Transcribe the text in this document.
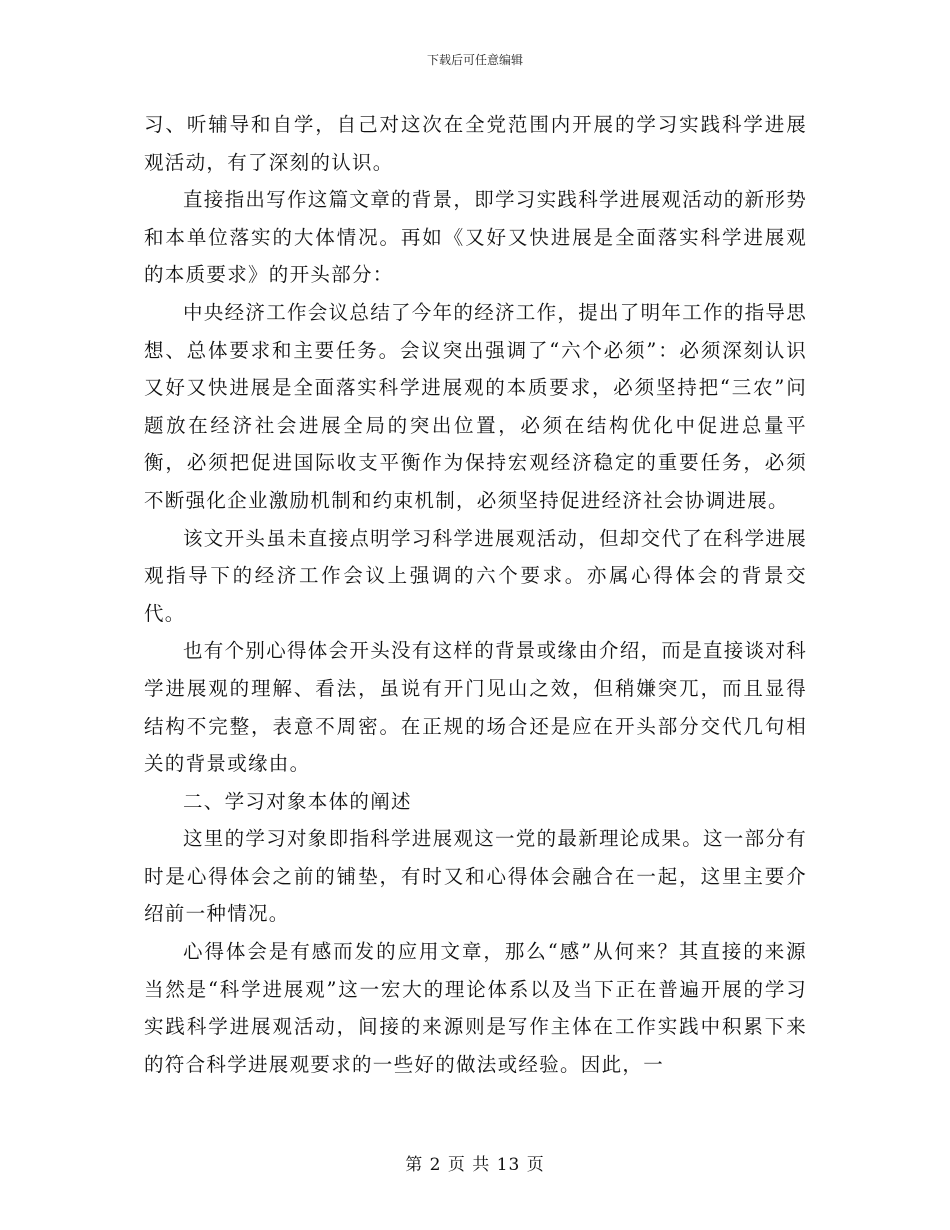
下载后可任意编辑

习、听辅导和自学，自己对这次在全党范围内开展的学习实践科学进展观活动，有了深刻的认识。

直接指出写作这篇文章的背景，即学习实践科学进展观活动的新形势和本单位落实的大体情况。再如《又好又快进展是全面落实科学进展观的本质要求》的开头部分：

中央经济工作会议总结了今年的经济工作，提出了明年工作的指导思想、总体要求和主要任务。会议突出强调了“六个必须”：必须深刻认识又好又快进展是全面落实科学进展观的本质要求，必须坚持把“三农”问题放在经济社会进展全局的突出位置，必须在结构优化中促进总量平衡，必须把促进国际收支平衡作为保持宏观经济稳定的重要任务，必须不断强化企业激励机制和约束机制，必须坚持促进经济社会协调进展。

该文开头虽未直接点明学习科学进展观活动，但却交代了在科学进展观指导下的经济工作会议上强调的六个要求。亦属心得体会的背景交代。

也有个别心得体会开头没有这样的背景或缘由介绍，而是直接谈对科学进展观的理解、看法，虽说有开门见山之效，但稍嫌突兀，而且显得结构不完整，表意不周密。在正规的场合还是应在开头部分交代几句相关的背景或缘由。

二、学习对象本体的阐述

这里的学习对象即指科学进展观这一党的最新理论成果。这一部分有时是心得体会之前的铺垫，有时又和心得体会融合在一起，这里主要介绍前一种情况。

心得体会是有感而发的应用文章，那么“感”从何来？其直接的来源当然是“科学进展观”这一宏大的理论体系以及当下正在普遍开展的学习实践科学进展观活动，间接的来源则是写作主体在工作实践中积累下来的符合科学进展观要求的一些好的做法或经验。因此，一

第 2 页 共 13 页
